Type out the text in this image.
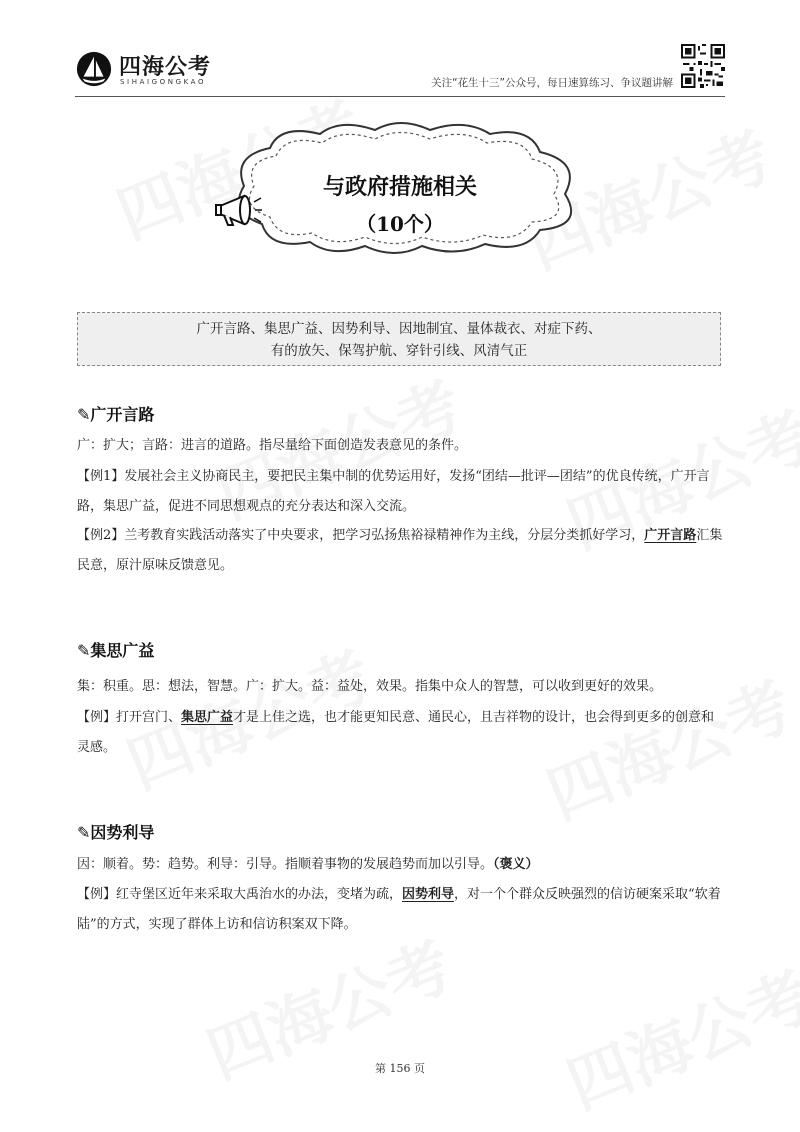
四海公考
SIHAIGONGKAO	关注“花生十三”公众号，每日速算练习、争议题讲解
与政府措施相关
（10个）
广开言路、集思广益、因势利导、因地制宜、量体裁衣、对症下药、
有的放矢、保驾护航、穿针引线、风清气正
✎广开言路
广：扩大；言路：进言的道路。指尽量给下面创造发表意见的条件。
【例1】发展社会主义协商民主，要把民主集中制的优势运用好，发扬“团结—批评—团结”的优良传统，广开言路，集思广益，促进不同思想观点的充分表达和深入交流。
【例2】兰考教育实践活动落实了中央要求，把学习弘扬焦裕禄精神作为主线，分层分类抓好学习，广开言路汇集民意，原汁原味反馈意见。
✎集思广益
集：积重。思：想法，智慧。广：扩大。益：益处，效果。指集中众人的智慧，可以收到更好的效果。
【例】打开宫门、集思广益才是上佳之选，也才能更知民意、通民心，且吉祥物的设计，也会得到更多的创意和灵感。
✎因势利导
因：顺着。势：趋势。利导：引导。指顺着事物的发展趋势而加以引导。（褒义）
【例】红寺堡区近年来采取大禹治水的办法，变堵为疏，因势利导，对一个个群众反映强烈的信访硬案采取“软着陆”的方式，实现了群体上访和信访积案双下降。
第 156 页
